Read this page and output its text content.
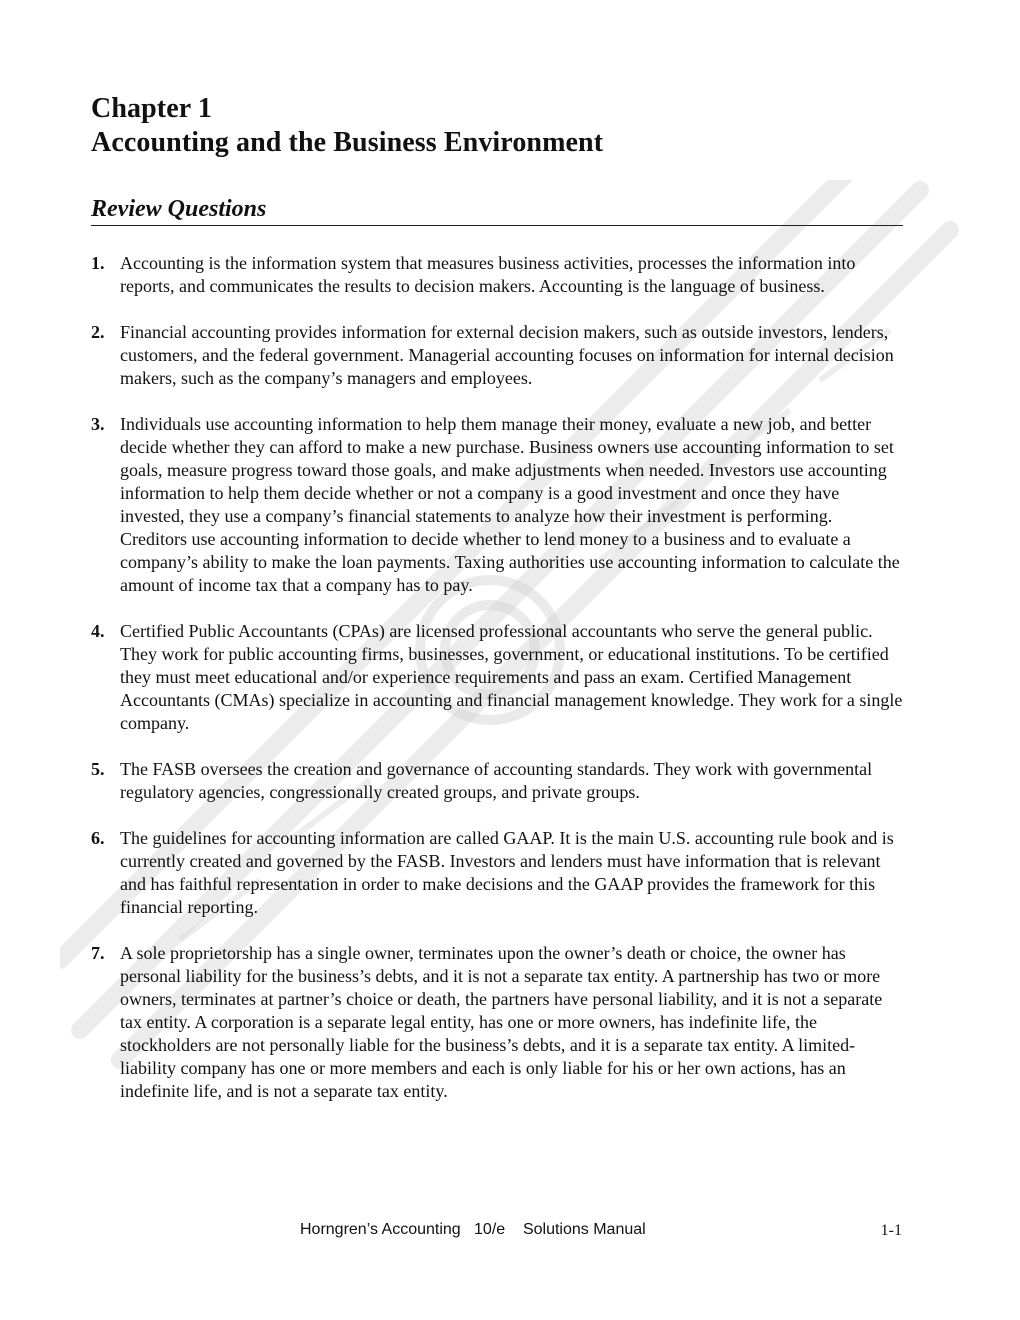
Chapter 1
Accounting and the Business Environment
Review Questions
1. Accounting is the information system that measures business activities, processes the information into reports, and communicates the results to decision makers. Accounting is the language of business.

2. Financial accounting provides information for external decision makers, such as outside investors, lenders, customers, and the federal government. Managerial accounting focuses on information for internal decision makers, such as the company’s managers and employees.

3. Individuals use accounting information to help them manage their money, evaluate a new job, and better decide whether they can afford to make a new purchase. Business owners use accounting information to set goals, measure progress toward those goals, and make adjustments when needed. Investors use accounting information to help them decide whether or not a company is a good investment and once they have invested, they use a company’s financial statements to analyze how their investment is performing. Creditors use accounting information to decide whether to lend money to a business and to evaluate a company’s ability to make the loan payments. Taxing authorities use accounting information to calculate the amount of income tax that a company has to pay.

4. Certified Public Accountants (CPAs) are licensed professional accountants who serve the general public. They work for public accounting firms, businesses, government, or educational institutions. To be certified they must meet educational and/or experience requirements and pass an exam. Certified Management Accountants (CMAs) specialize in accounting and financial management knowledge. They work for a single company.

5. The FASB oversees the creation and governance of accounting standards. They work with governmental regulatory agencies, congressionally created groups, and private groups.

6. The guidelines for accounting information are called GAAP. It is the main U.S. accounting rule book and is currently created and governed by the FASB. Investors and lenders must have information that is relevant and has faithful representation in order to make decisions and the GAAP provides the framework for this financial reporting.

7. A sole proprietorship has a single owner, terminates upon the owner’s death or choice, the owner has personal liability for the business’s debts, and it is not a separate tax entity. A partnership has two or more owners, terminates at partner’s choice or death, the partners have personal liability, and it is not a separate tax entity. A corporation is a separate legal entity, has one or more owners, has indefinite life, the stockholders are not personally liable for the business’s debts, and it is a separate tax entity. A limited-liability company has one or more members and each is only liable for his or her own actions, has an indefinite life, and is not a separate tax entity.

Horngren’s Accounting   10/e    Solutions Manual	1-1
